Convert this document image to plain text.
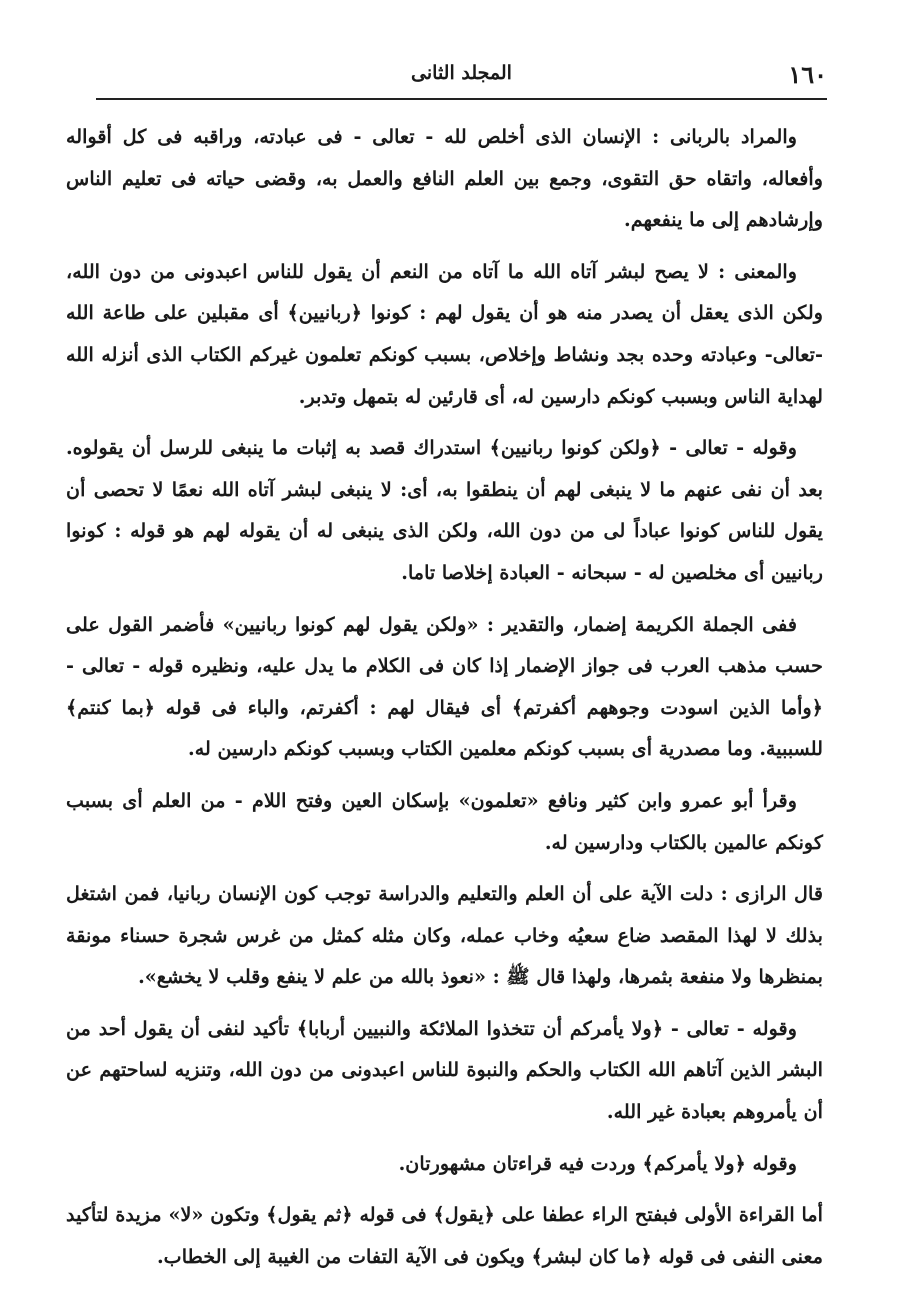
١٦٠
المجلد الثانى

والمراد بالربانى : الإنسان الذى أخلص لله - تعالى - فى عبادته، وراقبه فى كل أقواله وأفعاله، واتقاه حق التقوى، وجمع بين العلم النافع والعمل به، وقضى حياته فى تعليم الناس وإرشادهم إلى ما ينفعهم.

والمعنى : لا يصح لبشر آتاه الله ما آتاه من النعم أن يقول للناس اعبدونى من دون الله، ولكن الذى يعقل أن يصدر منه هو أن يقول لهم : كونوا ﴿ربانيين﴾ أى مقبلين على طاعة الله -تعالى- وعبادته وحده بجد ونشاط وإخلاص، بسبب كونكم تعلمون غيركم الكتاب الذى أنزله الله لهداية الناس وبسبب كونكم دارسين له، أى قارئين له بتمهل وتدبر.

وقوله - تعالى - ﴿ولكن كونوا ربانيين﴾ استدراك قصد به إثبات ما ينبغى للرسل أن يقولوه. بعد أن نفى عنهم ما لا ينبغى لهم أن ينطقوا به، أى: لا ينبغى لبشر آتاه الله نعمًا لا تحصى أن يقول للناس كونوا عباداً لى من دون الله، ولكن الذى ينبغى له أن يقوله لهم هو قوله : كونوا ربانيين أى مخلصين له - سبحانه - العبادة إخلاصا تاما.

ففى الجملة الكريمة إضمار، والتقدير : «ولكن يقول لهم كونوا ربانيين» فأضمر القول على حسب مذهب العرب فى جواز الإضمار إذا كان فى الكلام ما يدل عليه، ونظيره قوله - تعالى - ﴿وأما الذين اسودت وجوههم أكفرتم﴾ أى فيقال لهم : أكفرتم، والباء فى قوله ﴿بما كنتم﴾ للسببية. وما مصدرية أى بسبب كونكم معلمين الكتاب وبسبب كونكم دارسين له.

وقرأ أبو عمرو وابن كثير ونافع «تعلمون» بإسكان العين وفتح اللام - من العلم أى بسبب كونكم عالمين بالكتاب ودارسين له.

قال الرازى : دلت الآية على أن العلم والتعليم والدراسة توجب كون الإنسان ربانيا، فمن اشتغل بذلك لا لهذا المقصد ضاع سعيُه وخاب عمله، وكان مثله كمثل من غرس شجرة حسناء مونقة بمنظرها ولا منفعة بثمرها، ولهذا قال ﷺ : «نعوذ بالله من علم لا ينفع وقلب لا يخشع».

وقوله - تعالى - ﴿ولا يأمركم أن تتخذوا الملائكة والنبيين أربابا﴾ تأكيد لنفى أن يقول أحد من البشر الذين آتاهم الله الكتاب والحكم والنبوة للناس اعبدونى من دون الله، وتنزيه لساحتهم عن أن يأمروهم بعبادة غير الله.

وقوله ﴿ولا يأمركم﴾ وردت فيه قراءتان مشهورتان.

أما القراءة الأولى فبفتح الراء عطفا على ﴿يقول﴾ فى قوله ﴿ثم يقول﴾ وتكون «لا» مزيدة لتأكيد معنى النفى فى قوله ﴿ما كان لبشر﴾ ويكون فى الآية التفات من الغيبة إلى الخطاب.
